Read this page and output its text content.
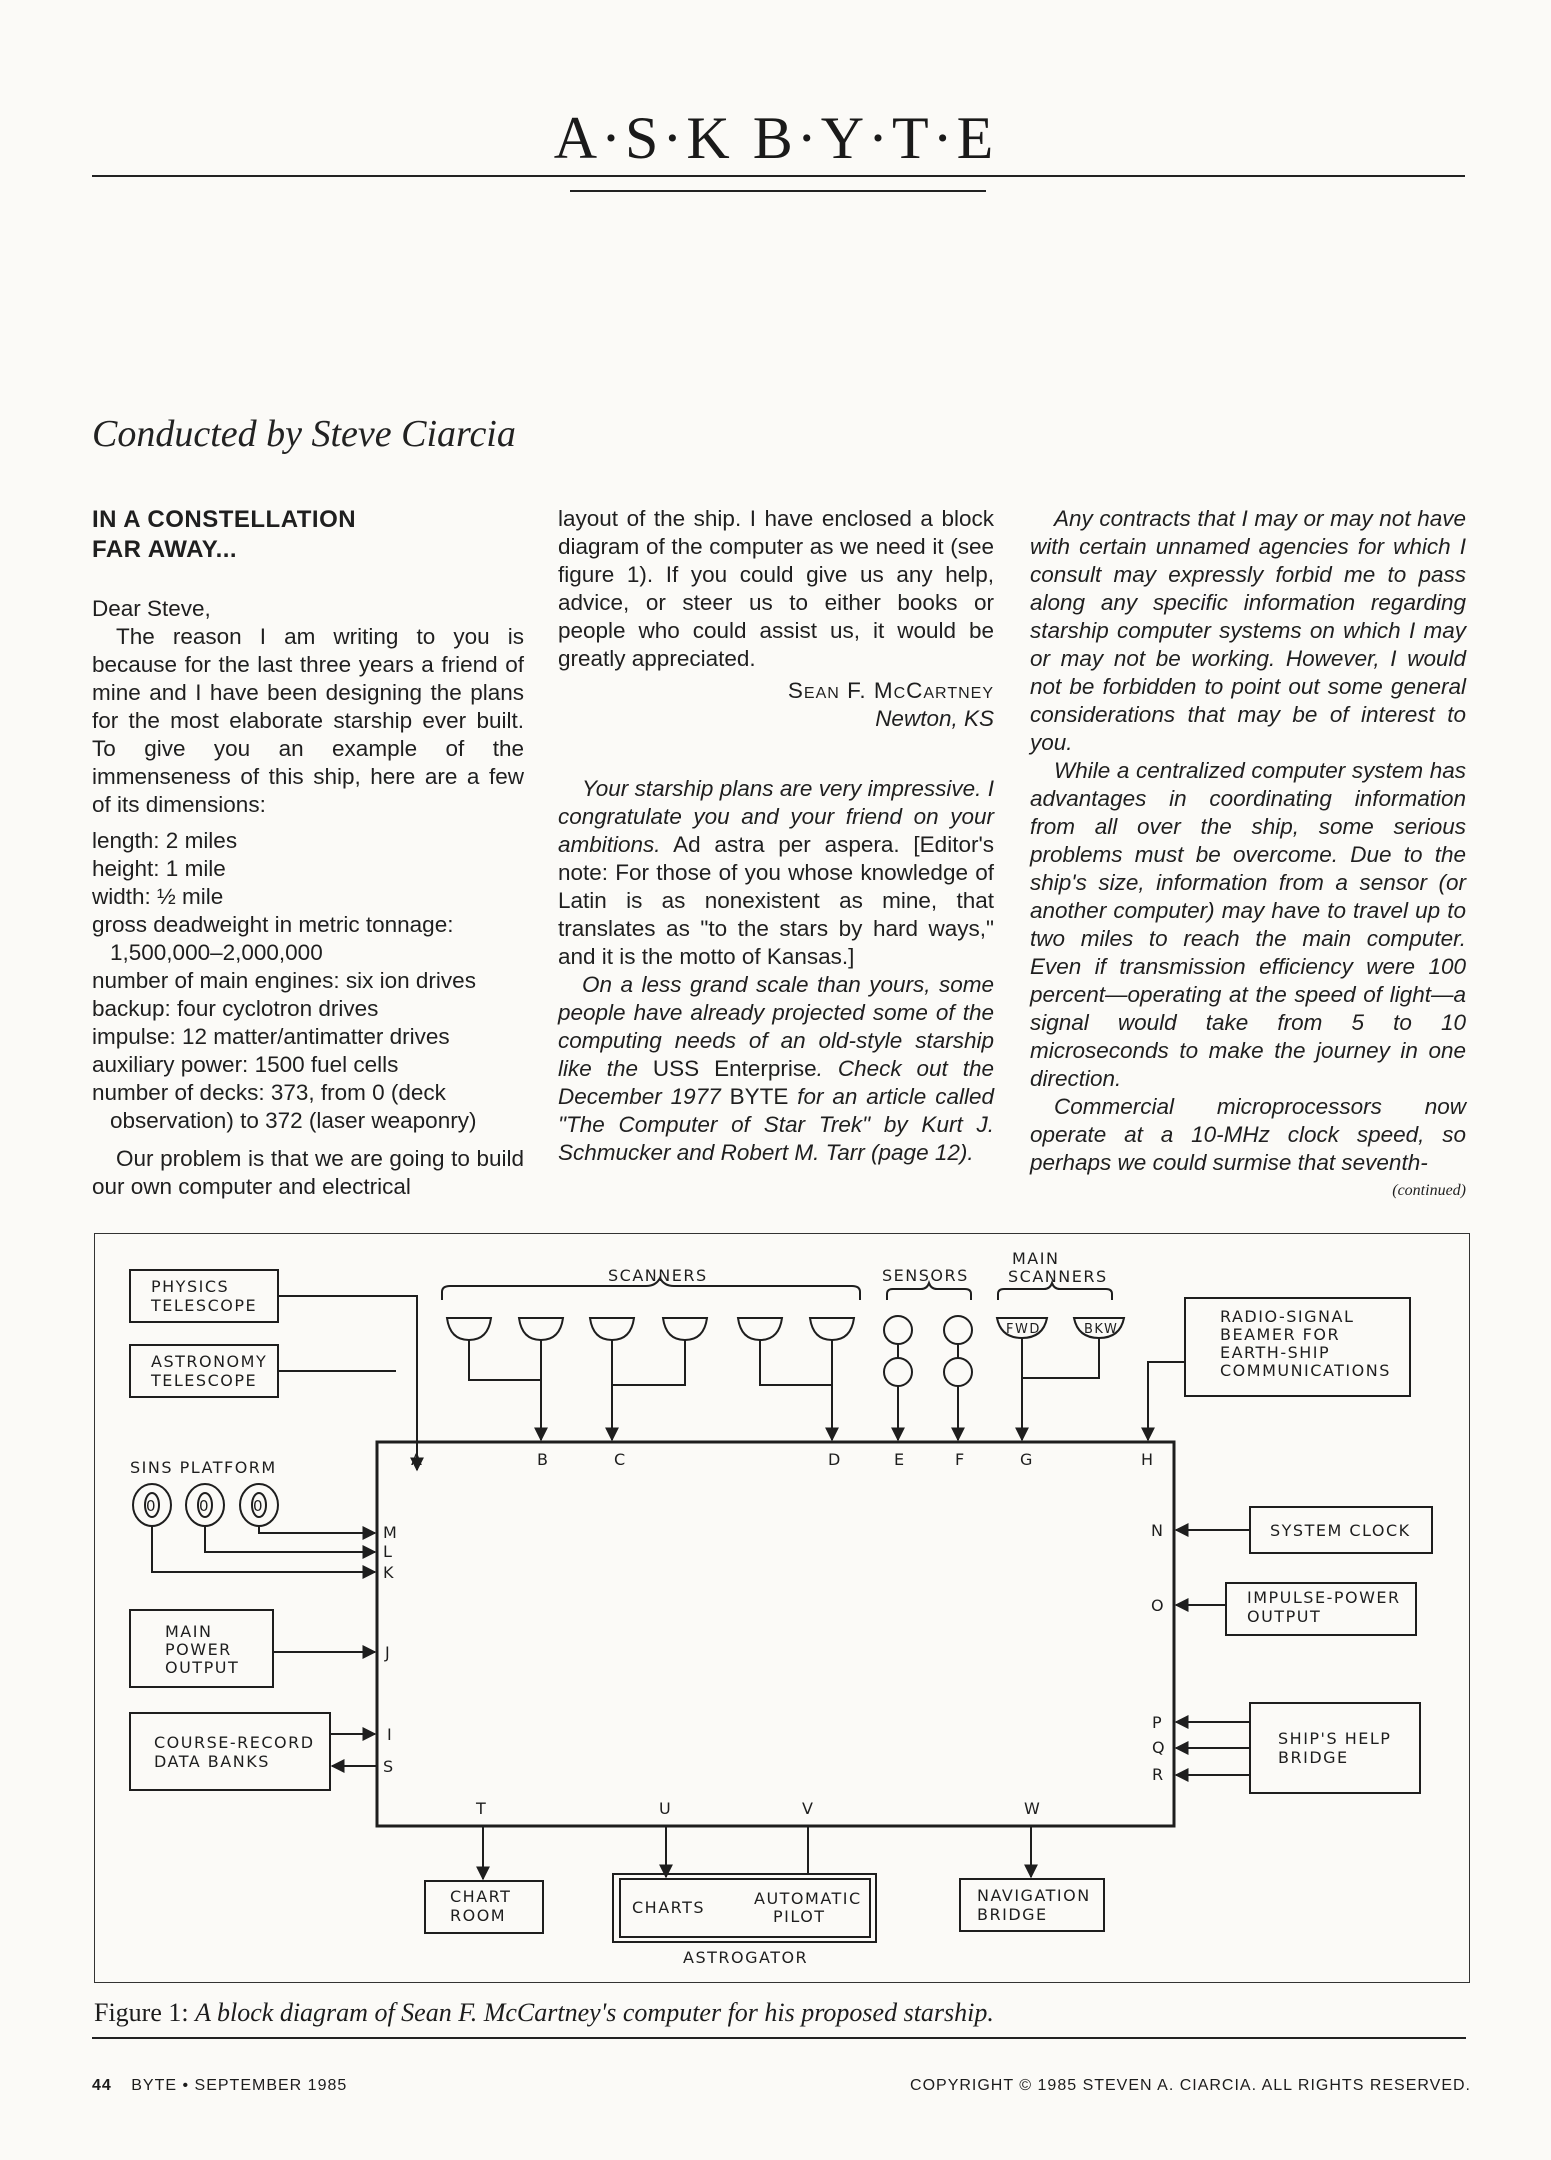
A·S·K B·Y·T·E
Conducted by Steve Ciarcia
IN A CONSTELLATION
FAR AWAY...

Dear Steve,

The reason I am writing to you is because for the last three years a friend of mine and I have been designing the plans for the most elaborate starship ever built. To give you an example of the immenseness of this ship, here are a few of its dimensions:

length: 2 miles
height: 1 mile
width: ½ mile
gross deadweight in metric tonnage:
1,500,000–2,000,000
number of main engines: six ion drives
backup: four cyclotron drives
impulse: 12 matter/antimatter drives
auxiliary power: 1500 fuel cells
number of decks: 373, from 0 (deck observation) to 372 (laser weaponry)

Our problem is that we are going to build our own computer and electrical

layout of the ship. I have enclosed a block diagram of the computer as we need it (see figure 1). If you could give us any help, advice, or steer us to either books or people who could assist us, it would be greatly appreciated.

Sean F. McCartney
Newton, KS

Your starship plans are very impressive. I congratulate you and your friend on your ambitions. Ad astra per aspera. [Editor's note: For those of you whose knowledge of Latin is as nonexistent as mine, that translates as "to the stars by hard ways," and it is the motto of Kansas.]

On a less grand scale than yours, some people have already projected some of the computing needs of an old-style starship like the USS Enterprise. Check out the December 1977 BYTE for an article called "The Computer of Star Trek" by Kurt J. Schmucker and Robert M. Tarr (page 12).

Any contracts that I may or may not have with certain unnamed agencies for which I consult may expressly forbid me to pass along any specific information regarding starship computer systems on which I may or may not be working. However, I would not be forbidden to point out some general considerations that may be of interest to you.

While a centralized computer system has advantages in coordinating information from all over the ship, some serious problems must be overcome. Due to the ship's size, information from a sensor (or another computer) may have to travel up to two miles to reach the main computer. Even if transmission efficiency were 100 percent—operating at the speed of light—a signal would take from 5 to 10 microseconds to make the journey in one direction.

Commercial microprocessors now operate at a 10-MHz clock speed, so perhaps we could surmise that seventh-

(continued)
PHYSICS
TELESCOPE
ASTRONOMY
TELESCOPE
SCANNERS	SENSORS
MAIN
SCANNERS
FWD	BKW
RADIO-SIGNAL
BEAMER FOR
EARTH-SHIP
COMMUNICATIONS
SINS PLATFORM
0	0	0
SYSTEM CLOCK
IMPULSE-POWER
OUTPUT
MAIN
POWER
OUTPUT
COURSE-RECORD
DATA BANKS
SHIP'S HELP
BRIDGE
CHART
ROOM	CHARTS	AUTOMATIC
PILOT
ASTROGATOR
NAVIGATION
BRIDGE
A	B	C	D	E	F	G	H
M
L
K
J
I
S
N
O
P
Q
R
T	U	V	W
Figure 1: A block diagram of Sean F. McCartney's computer for his proposed starship.
44 BYTE • SEPTEMBER 1985	COPYRIGHT © 1985 STEVEN A. CIARCIA. ALL RIGHTS RESERVED.
